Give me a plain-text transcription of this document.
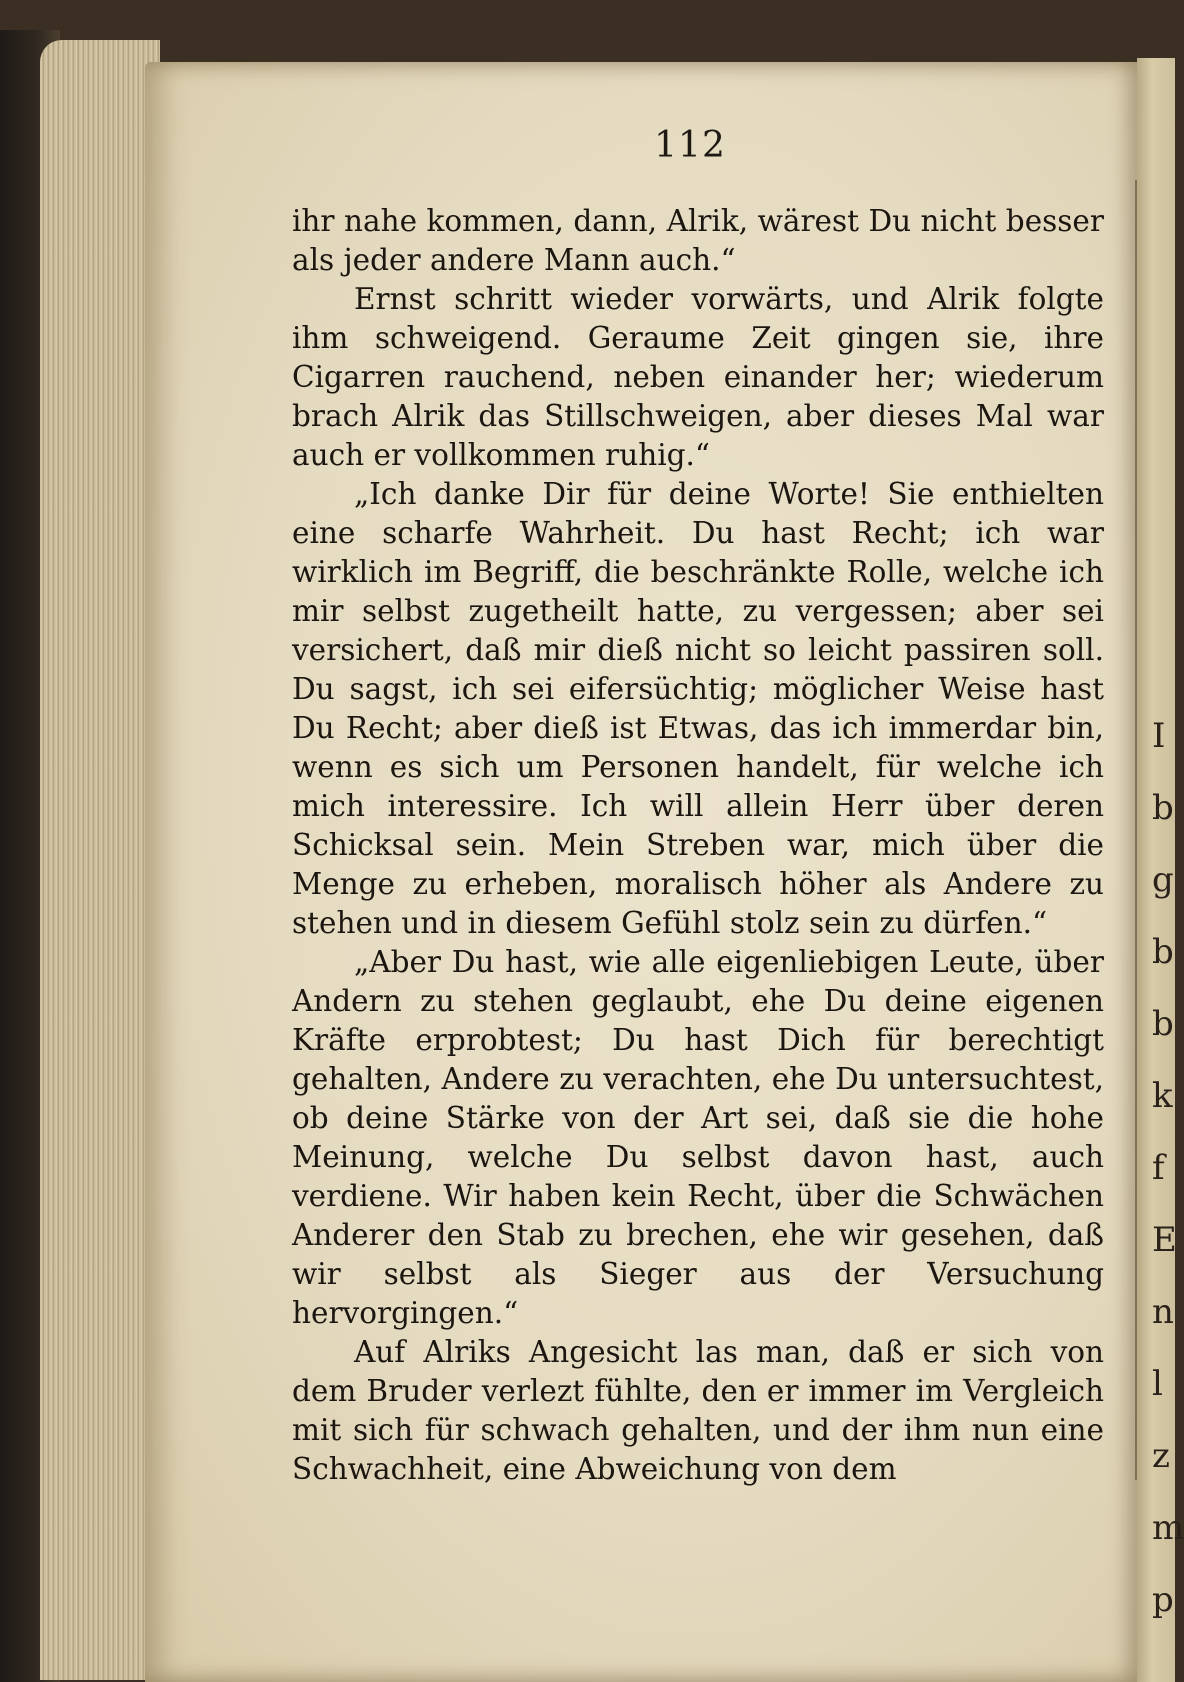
I
b
g
b
b
k
f
E
n
l
z
m
p
112

ihr nahe kommen, dann, Alrik, wärest Du nicht besser als jeder andere Mann auch.“

Ernst schritt wieder vorwärts, und Alrik folgte ihm schweigend. Geraume Zeit gingen sie, ihre Cigarren rauchend, neben einander her; wiederum brach Alrik das Stillschweigen, aber dieses Mal war auch er vollkommen ruhig.“

„Ich danke Dir für deine Worte! Sie enthielten eine scharfe Wahrheit. Du hast Recht; ich war wirklich im Begriff, die beschränkte Rolle, welche ich mir selbst zugetheilt hatte, zu vergessen; aber sei versichert, daß mir dieß nicht so leicht passiren soll. Du sagst, ich sei eifersüchtig; möglicher Weise hast Du Recht; aber dieß ist Etwas, das ich immerdar bin, wenn es sich um Personen handelt, für welche ich mich interessire. Ich will allein Herr über deren Schicksal sein. Mein Streben war, mich über die Menge zu erheben, moralisch höher als Andere zu stehen und in diesem Gefühl stolz sein zu dürfen.“

„Aber Du hast, wie alle eigenliebigen Leute, über Andern zu stehen geglaubt, ehe Du deine eigenen Kräfte erprobtest; Du hast Dich für berechtigt gehalten, Andere zu verachten, ehe Du untersuchtest, ob deine Stärke von der Art sei, daß sie die hohe Meinung, welche Du selbst davon hast, auch verdiene. Wir haben kein Recht, über die Schwächen Anderer den Stab zu brechen, ehe wir gesehen, daß wir selbst als Sieger aus der Versuchung hervorgingen.“

Auf Alriks Angesicht las man, daß er sich von dem Bruder verlezt fühlte, den er immer im Vergleich mit sich für schwach gehalten, und der ihm nun eine Schwachheit, eine Abweichung von dem
